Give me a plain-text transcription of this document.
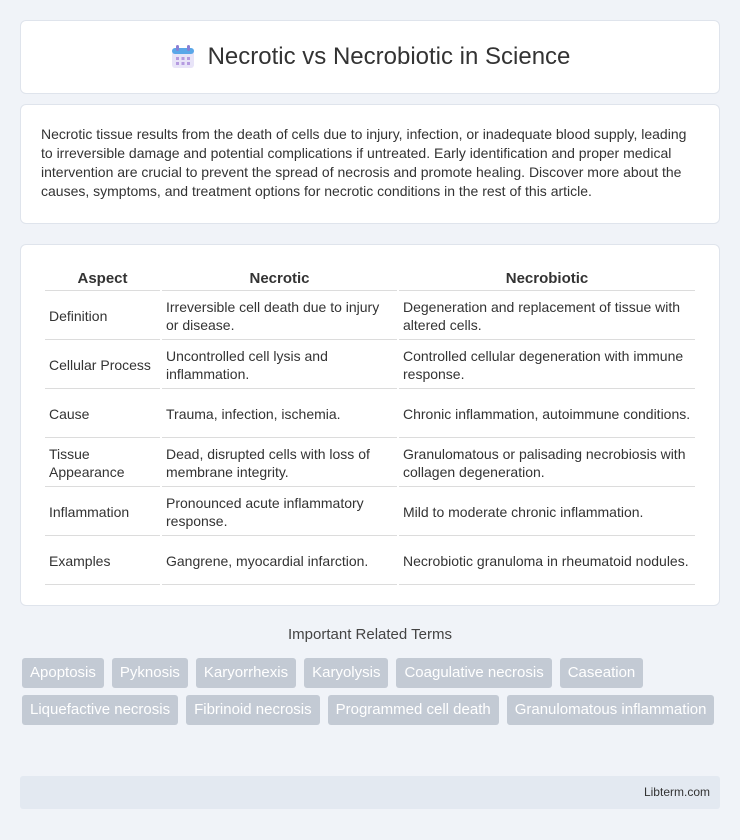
Necrotic vs Necrobiotic in Science

Necrotic tissue results from the death of cells due to injury, infection, or inadequate blood supply, leading to irreversible damage and potential complications if untreated. Early identification and proper medical intervention are crucial to prevent the spread of necrosis and promote healing. Discover more about the causes, symptoms, and treatment options for necrotic conditions in the rest of this article.

Aspect	Necrotic	Necrobiotic
Definition	Irreversible cell death due to injury or disease.	Degeneration and replacement of tissue with altered cells.
Cellular Process	Uncontrolled cell lysis and inflammation.	Controlled cellular degeneration with immune response.
Cause	Trauma, infection, ischemia.	Chronic inflammation, autoimmune conditions.
Tissue Appearance	Dead, disrupted cells with loss of membrane integrity.	Granulomatous or palisading necrobiosis with collagen degeneration.
Inflammation	Pronounced acute inflammatory response.	Mild to moderate chronic inflammation.
Examples	Gangrene, myocardial infarction.	Necrobiotic granuloma in rheumatoid nodules.
Important Related Terms
Apoptosis	Pyknosis	Karyorrhexis	Karyolysis	Coagulative necrosis	Caseation
Liquefactive necrosis	Fibrinoid necrosis	Programmed cell death	Granulomatous inflammation
Libterm.com
